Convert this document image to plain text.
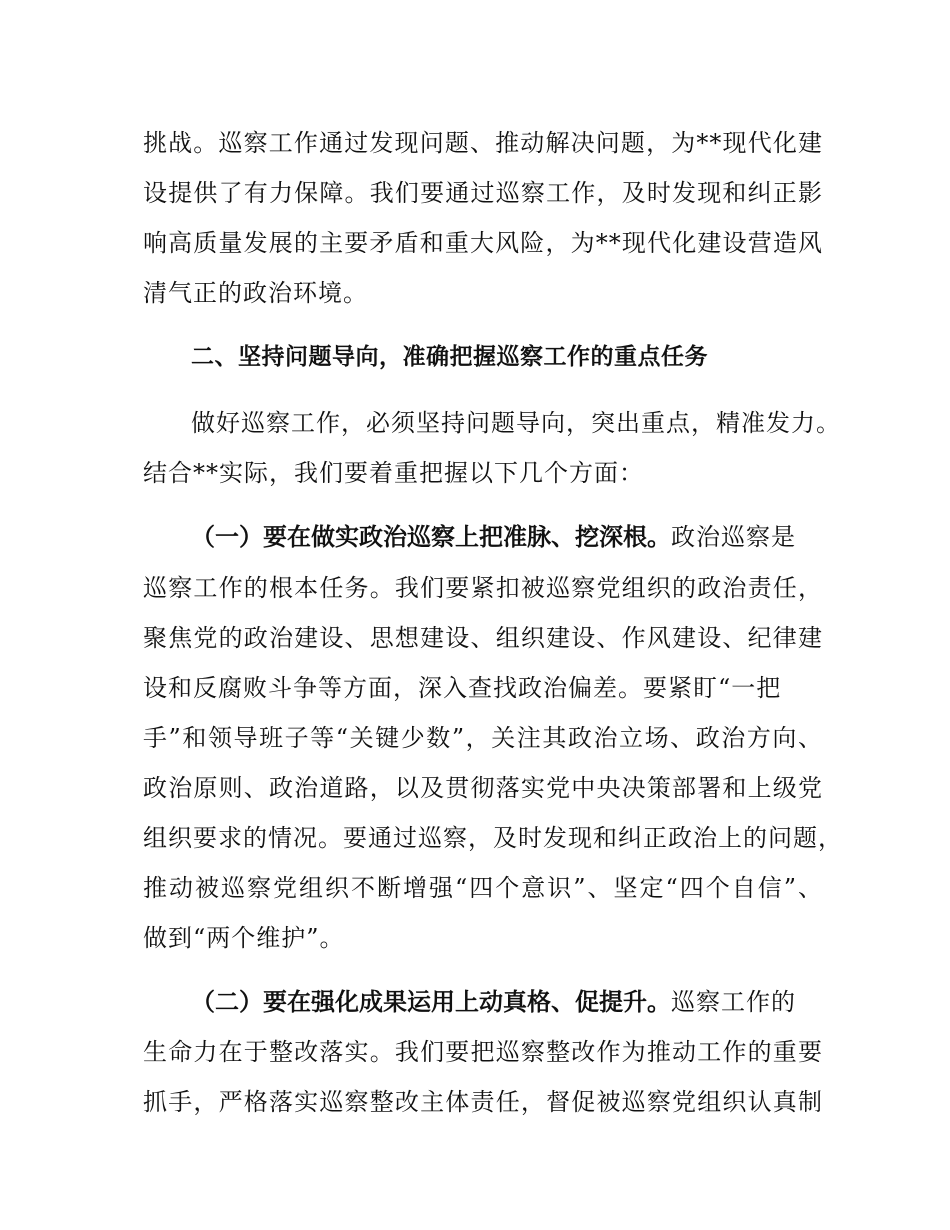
挑战。巡察工作通过发现问题、推动解决问题，为**现代化建
设提供了有力保障。我们要通过巡察工作，及时发现和纠正影
响高质量发展的主要矛盾和重大风险，为**现代化建设营造风
清气正的政治环境。
二、坚持问题导向，准确把握巡察工作的重点任务
做好巡察工作，必须坚持问题导向，突出重点，精准发力。
结合**实际，我们要着重把握以下几个方面：
（一）要在做实政治巡察上把准脉、挖深根。政治巡察是
巡察工作的根本任务。我们要紧扣被巡察党组织的政治责任，
聚焦党的政治建设、思想建设、组织建设、作风建设、纪律建
设和反腐败斗争等方面，深入查找政治偏差。要紧盯“一把
手”和领导班子等“关键少数”，关注其政治立场、政治方向、
政治原则、政治道路，以及贯彻落实党中央决策部署和上级党
组织要求的情况。要通过巡察，及时发现和纠正政治上的问题，
推动被巡察党组织不断增强“四个意识”、坚定“四个自信”、
做到“两个维护”。
（二）要在强化成果运用上动真格、促提升。巡察工作的
生命力在于整改落实。我们要把巡察整改作为推动工作的重要
抓手，严格落实巡察整改主体责任，督促被巡察党组织认真制
